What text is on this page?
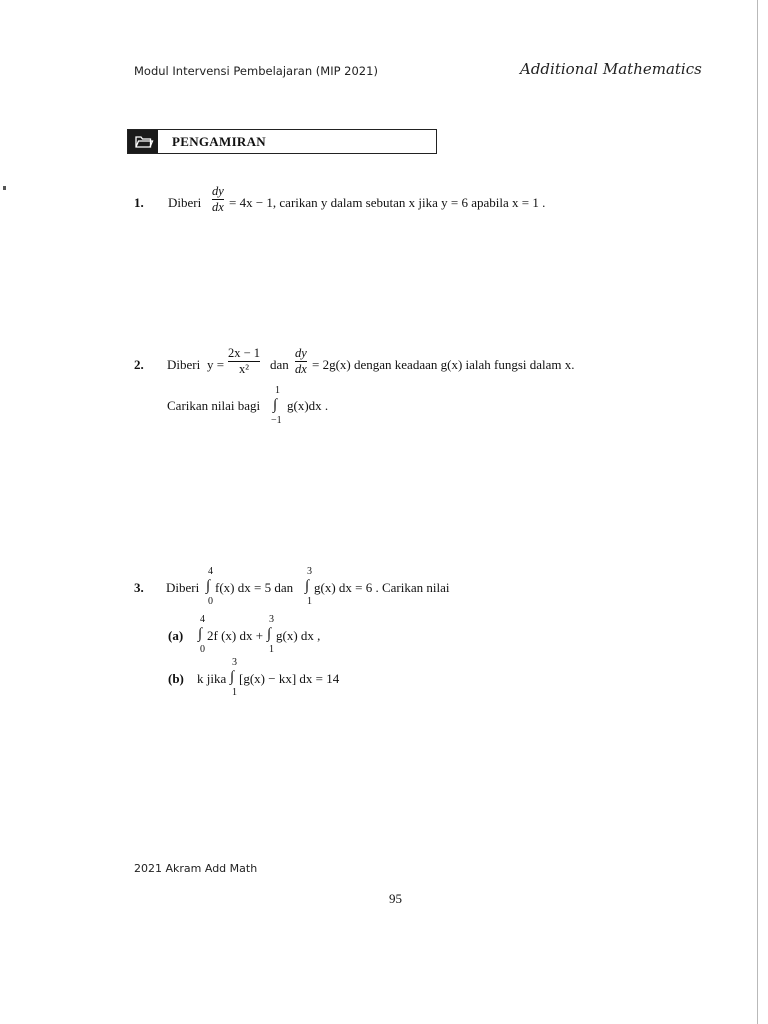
Modul Intervensi Pembelajaran (MIP 2021)	Additional Mathematics
PENGAMIRAN
1. Diberi
dy
dx = 4x − 1, carikan y dalam sebutan x jika y = 6 apabila x = 1 .
2. Diberi y =
2x − 1
x² dan
dy
dx = 2g(x) dengan keadaan g(x) ialah fungsi dalam x.
Carikan nilai bagi
1
∫
−1
g(x)dx .
3. Diberi
4
∫
0
f(x) dx = 5 dan
3
∫
1
g(x) dx = 6 . Carikan nilai
(a)
4
∫
0
2f (x) dx +
3
∫
1
g(x) dx ,
(b) k jika
3
∫
1
[g(x) − kx] dx = 14
2021 Akram Add Math
95
